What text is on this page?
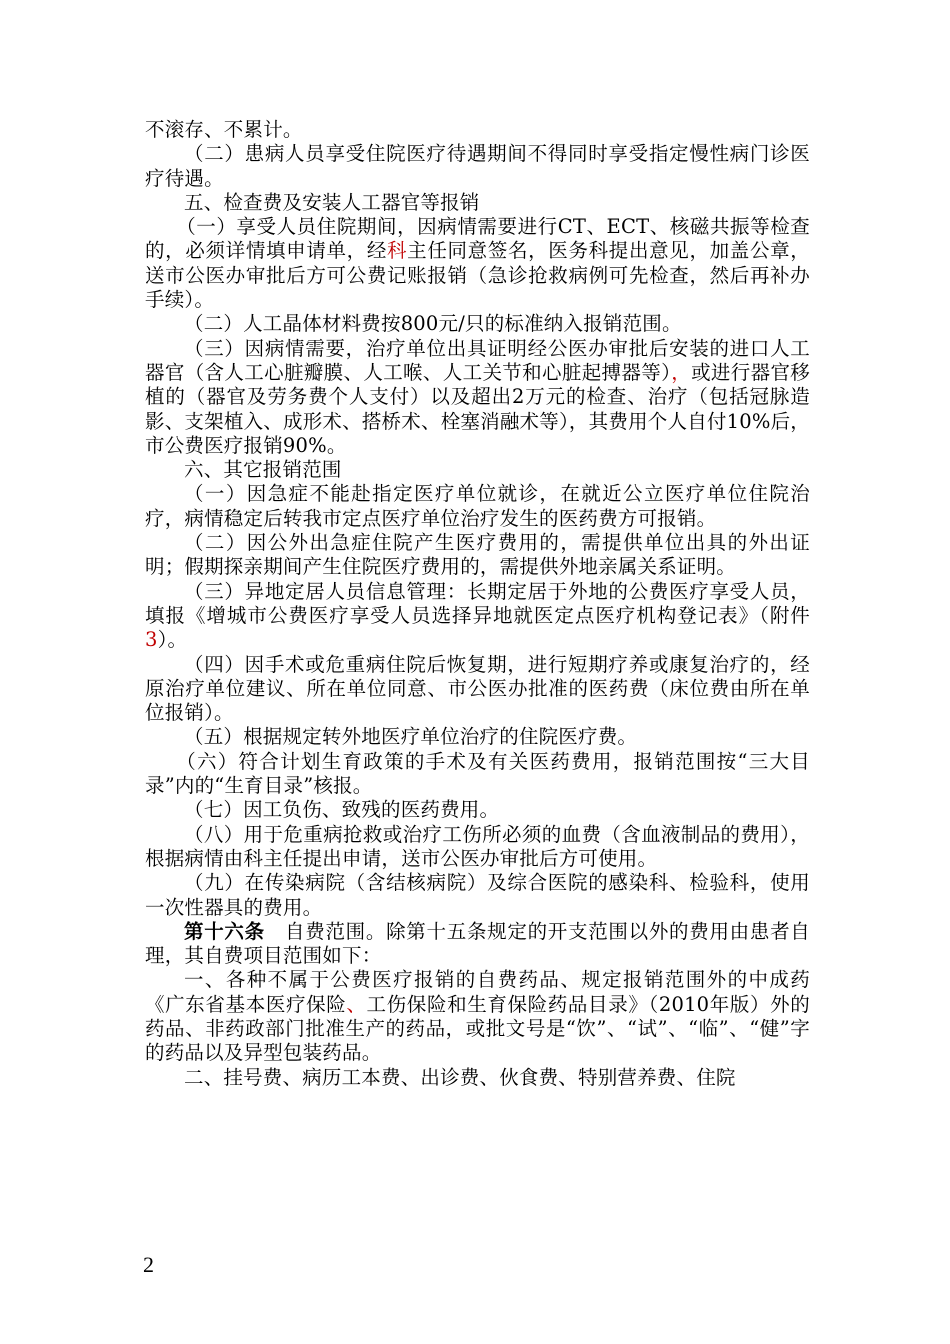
不滚存、不累计。

（二）患病人员享受住院医疗待遇期间不得同时享受指定慢性病门诊医疗待遇。

五、检查费及安装人工器官等报销

（一）享受人员住院期间，因病情需要进行CT、ECT、核磁共振等检查的，必须详情填申请单，经科主任同意签名，医务科提出意见，加盖公章，送市公医办审批后方可公费记账报销（急诊抢救病例可先检查，然后再补办手续）。

（二）人工晶体材料费按800元/只的标准纳入报销范围。

（三）因病情需要，治疗单位出具证明经公医办审批后安装的进口人工器官（含人工心脏瓣膜、人工喉、人工关节和心脏起搏器等），或进行器官移植的（器官及劳务费个人支付）以及超出2万元的检查、治疗（包括冠脉造影、支架植入、成形术、搭桥术、栓塞消融术等），其费用个人自付10%后，市公费医疗报销90%。

六、其它报销范围

（一）因急症不能赴指定医疗单位就诊，在就近公立医疗单位住院治疗，病情稳定后转我市定点医疗单位治疗发生的医药费方可报销。

（二）因公外出急症住院产生医疗费用的，需提供单位出具的外出证明；假期探亲期间产生住院医疗费用的，需提供外地亲属关系证明。

（三）异地定居人员信息管理：长期定居于外地的公费医疗享受人员，填报《增城市公费医疗享受人员选择异地就医定点医疗机构登记表》（附件3）。

（四）因手术或危重病住院后恢复期，进行短期疗养或康复治疗的，经原治疗单位建议、所在单位同意、市公医办批准的医药费（床位费由所在单位报销）。

（五）根据规定转外地医疗单位治疗的住院医疗费。

（六）符合计划生育政策的手术及有关医药费用，报销范围按“三大目录”内的“生育目录”核报。

（七）因工负伤、致残的医药费用。

（八）用于危重病抢救或治疗工伤所必须的血费（含血液制品的费用），根据病情由科主任提出申请，送市公医办审批后方可使用。

（九）在传染病院（含结核病院）及综合医院的感染科、检验科，使用一次性器具的费用。

第十六条　自费范围。除第十五条规定的开支范围以外的费用由患者自理，其自费项目范围如下：

一、各种不属于公费医疗报销的自费药品、规定报销范围外的中成药《广东省基本医疗保险、工伤保险和生育保险药品目录》（2010年版）外的药品、非药政部门批准生产的药品，或批文号是“饮”、“试”、“临”、“健”字的药品以及异型包装药品。

二、挂号费、病历工本费、出诊费、伙食费、特别营养费、住院

2
